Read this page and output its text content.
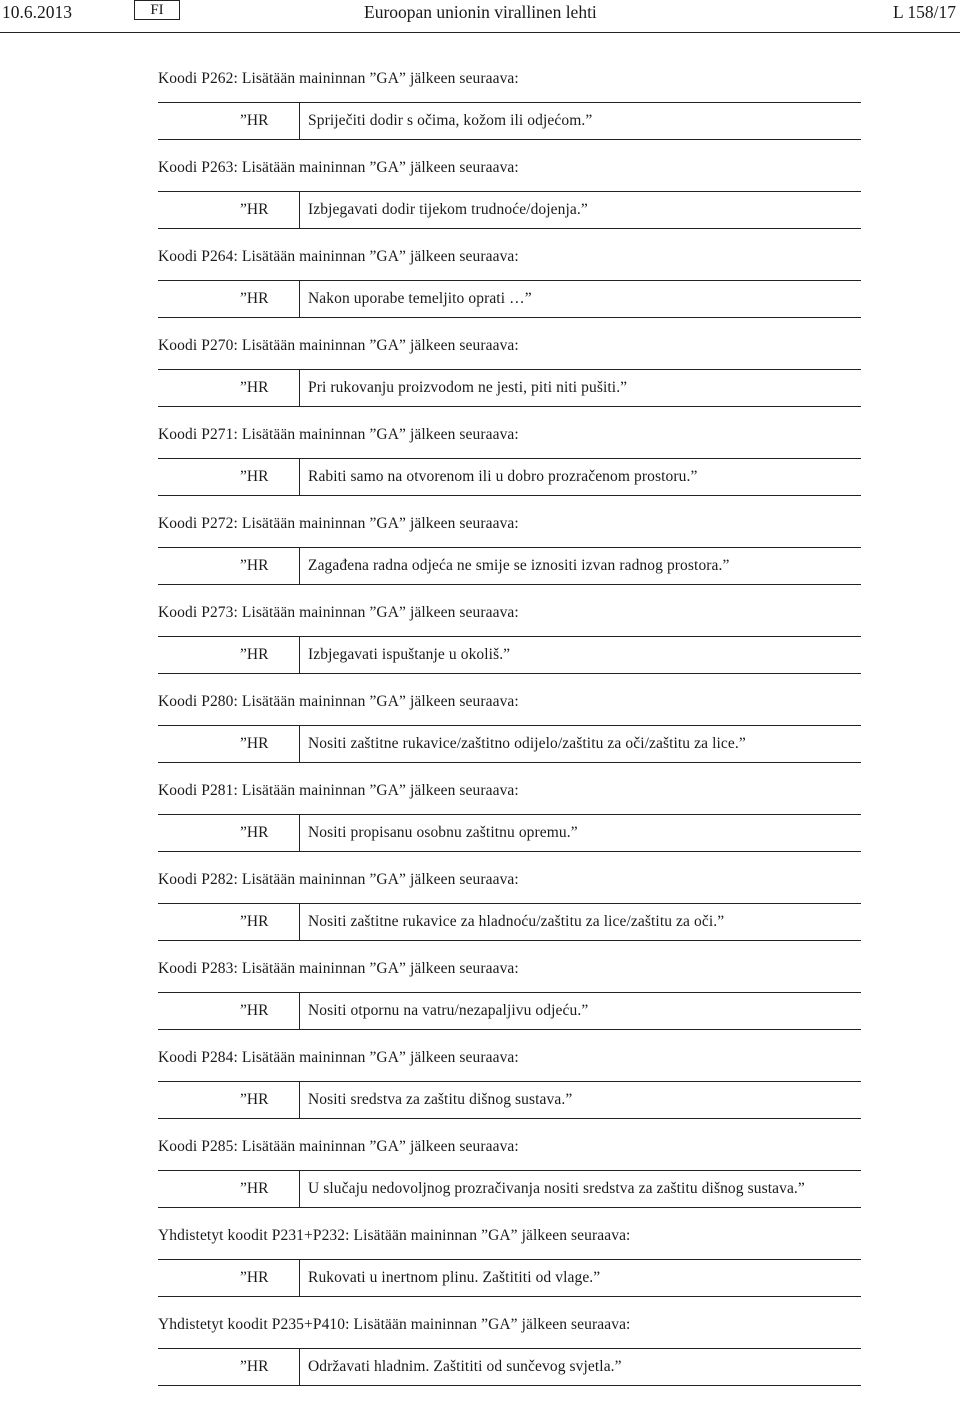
10.6.2013	FI	Euroopan unionin virallinen lehti	L 158/17
Koodi P262: Lisätään maininnan ”GA” jälkeen seuraava:
”HR	Spriječiti dodir s očima, kožom ili odjećom.”
Koodi P263: Lisätään maininnan ”GA” jälkeen seuraava:
”HR	Izbjegavati dodir tijekom trudnoće/dojenja.”
Koodi P264: Lisätään maininnan ”GA” jälkeen seuraava:
”HR	Nakon uporabe temeljito oprati …”
Koodi P270: Lisätään maininnan ”GA” jälkeen seuraava:
”HR	Pri rukovanju proizvodom ne jesti, piti niti pušiti.”
Koodi P271: Lisätään maininnan ”GA” jälkeen seuraava:
”HR	Rabiti samo na otvorenom ili u dobro prozračenom prostoru.”
Koodi P272: Lisätään maininnan ”GA” jälkeen seuraava:
”HR	Zagađena radna odjeća ne smije se iznositi izvan radnog prostora.”
Koodi P273: Lisätään maininnan ”GA” jälkeen seuraava:
”HR	Izbjegavati ispuštanje u okoliš.”
Koodi P280: Lisätään maininnan ”GA” jälkeen seuraava:
”HR	Nositi zaštitne rukavice/zaštitno odijelo/zaštitu za oči/zaštitu za lice.”
Koodi P281: Lisätään maininnan ”GA” jälkeen seuraava:
”HR	Nositi propisanu osobnu zaštitnu opremu.”
Koodi P282: Lisätään maininnan ”GA” jälkeen seuraava:
”HR	Nositi zaštitne rukavice za hladnoću/zaštitu za lice/zaštitu za oči.”
Koodi P283: Lisätään maininnan ”GA” jälkeen seuraava:
”HR	Nositi otpornu na vatru/nezapaljivu odjeću.”
Koodi P284: Lisätään maininnan ”GA” jälkeen seuraava:
”HR	Nositi sredstva za zaštitu dišnog sustava.”
Koodi P285: Lisätään maininnan ”GA” jälkeen seuraava:
”HR	U slučaju nedovoljnog prozračivanja nositi sredstva za zaštitu dišnog sustava.”
Yhdistetyt koodit P231+P232: Lisätään maininnan ”GA” jälkeen seuraava:
”HR	Rukovati u inertnom plinu. Zaštititi od vlage.”
Yhdistetyt koodit P235+P410: Lisätään maininnan ”GA” jälkeen seuraava:
”HR	Održavati hladnim. Zaštititi od sunčevog svjetla.”
